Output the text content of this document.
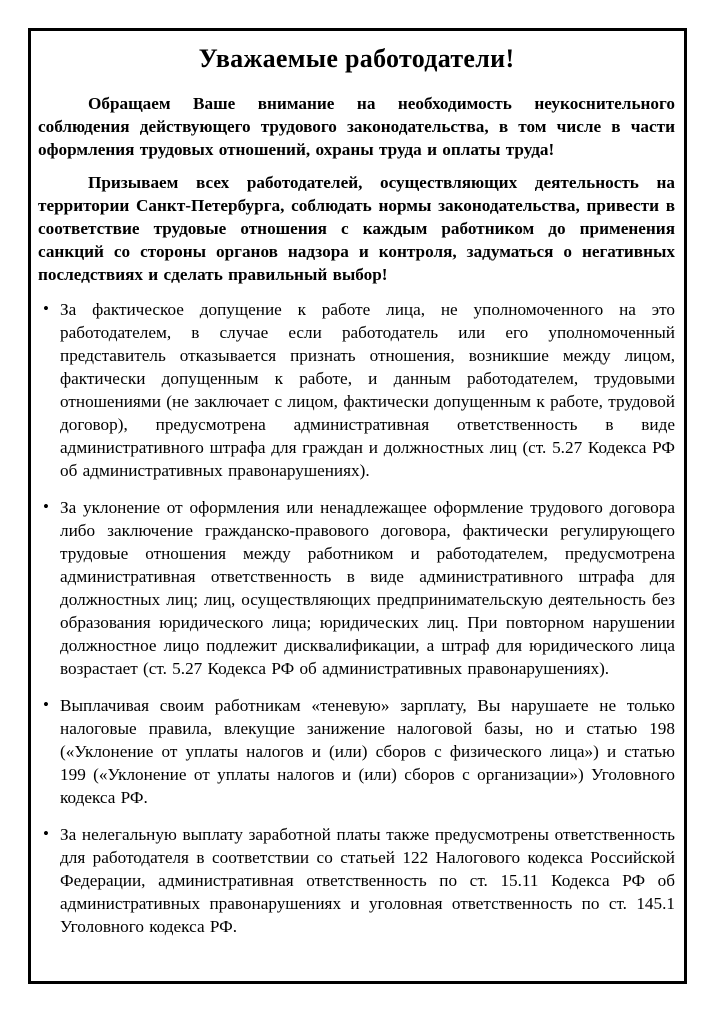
Уважаемые работодатели!

Обращаем Ваше внимание на необходимость неукоснительного соблюдения действующего трудового законодательства, в том числе в части оформления трудовых отношений, охраны труда и оплаты труда!

Призываем всех работодателей, осуществляющих деятельность на территории Санкт-Петербурга, соблюдать нормы законодательства, привести в соответствие трудовые отношения с каждым работником до применения санкций со стороны органов надзора и контроля, задуматься о негативных последствиях и сделать правильный выбор!

• За фактическое допущение к работе лица, не уполномоченного на это работодателем, в случае если работодатель или его уполномоченный представитель отказывается признать отношения, возникшие между лицом, фактически допущенным к работе, и данным работодателем, трудовыми отношениями (не заключает с лицом, фактически допущенным к работе, трудовой договор), предусмотрена административная ответственность в виде административного штрафа для граждан и должностных лиц (ст. 5.27 Кодекса РФ об административных правонарушениях).
• За уклонение от оформления или ненадлежащее оформление трудового договора либо заключение гражданско-правового договора, фактически регулирующего трудовые отношения между работником и работодателем, предусмотрена административная ответственность в виде административного штрафа для должностных лиц; лиц, осуществляющих предпринимательскую деятельность без образования юридического лица; юридических лиц. При повторном нарушении должностное лицо подлежит дисквалификации, а штраф для юридического лица возрастает (ст. 5.27 Кодекса РФ об административных правонарушениях).
• Выплачивая своим работникам «теневую» зарплату, Вы нарушаете не только налоговые правила, влекущие занижение налоговой базы, но и статью 198 («Уклонение от уплаты налогов и (или) сборов с физического лица») и статью 199 («Уклонение от уплаты налогов и (или) сборов с организации») Уголовного кодекса РФ.
• За нелегальную выплату заработной платы также предусмотрены ответственность для работодателя в соответствии со статьей 122 Налогового кодекса Российской Федерации, административная ответственность по ст. 15.11 Кодекса РФ об административных правонарушениях и уголовная ответственность по ст. 145.1 Уголовного кодекса РФ.
